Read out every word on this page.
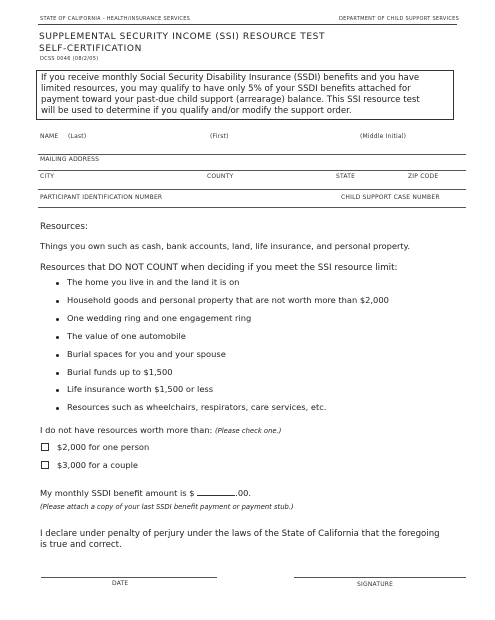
STATE OF CALIFORNIA - HEALTH/INSURANCE SERVICES	DEPARTMENT OF CHILD SUPPORT SERVICES
SUPPLEMENTAL SECURITY INCOME (SSI) RESOURCE TEST
SELF-CERTIFICATION
DCSS 0046 (08/2/05)
If you receive monthly Social Security Disability Insurance (SSDI) benefits and you have
limited resources, you may qualify to have only 5% of your SSDI benefits attached for
payment toward your past-due child support (arrearage) balance. This SSI resource test
will be used to determine if you qualify and/or modify the support order.
NAME (Last)	(First)	(Middle Initial)
MAILING ADDRESS
CITY	COUNTY	STATE	ZIP CODE
PARTICIPANT IDENTIFICATION NUMBER	CHILD SUPPORT CASE NUMBER
Resources:
Things you own such as cash, bank accounts, land, life insurance, and personal property.
Resources that DO NOT COUNT when deciding if you meet the SSI resource limit:
The home you live in and the land it is on
Household goods and personal property that are not worth more than $2,000
One wedding ring and one engagement ring
The value of one automobile
Burial spaces for you and your spouse
Burial funds up to $1,500
Life insurance worth $1,500 or less
Resources such as wheelchairs, respirators, care services, etc.
I do not have resources worth more than: (Please check one.)
$2,000 for one person
$3,000 for a couple
My monthly SSDI benefit amount is $	.00.
(Please attach a copy of your last SSDI benefit payment or payment stub.)
I declare under penalty of perjury under the laws of the State of California that the foregoing
is true and correct.
DATE	SIGNATURE
